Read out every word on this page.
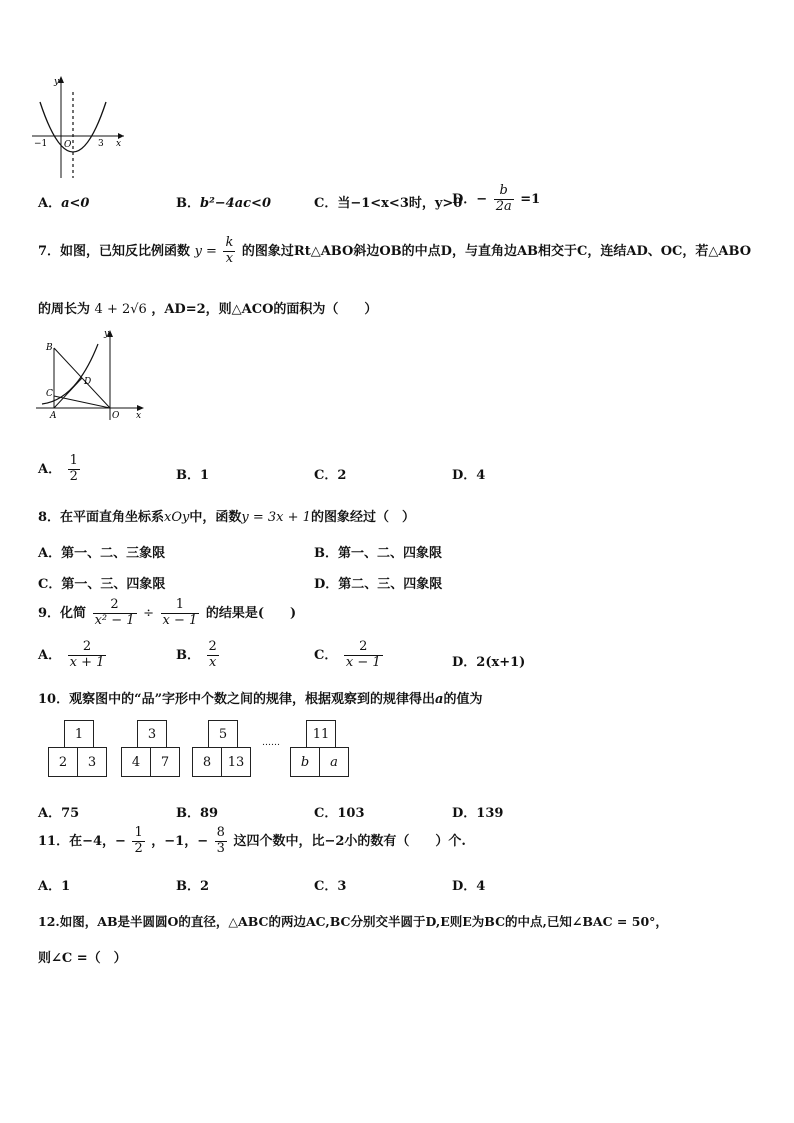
y
x
−1 O	3
A．a<0	B．b²−4ac<0	C．当−1<x<3时，y>0
D．− $\frac{b}{2a} =1$
7．如图，已知反比例函数 $y = \frac{k}{x}$ 的图象过Rt△ABO斜边OB的中点D，与直角边AB相交于C，连结AD、OC，若△ABO
的周长为 4 + 2√6 ，AD=2，则△ACO的面积为（　　）
B
C
D
A	O x
y
A． $\frac{1}{2}$	B．1	C．2	D．4
8．在平面直角坐标系xOy中，函数y = 3x + 1的图象经过（　）
A．第一、二、三象限	B．第一、二、四象限
C．第一、三、四象限	D．第二、三、四象限
9．化简 $\frac{2}{\text{x² − 1}} \div \frac{1}{x - 1}$ 的结果是(　　)
A． $\frac{2}{x + 1}$	B． $\frac{2}{x}$	C． $\frac{2}{x - 1}$	D．2(x+1)
10．观察图中的“品”字形中个数之间的规律，根据观察到的规律得出a的值为
1
2	3
3
4	7
5
8	13
……
11
b	a
A．75	B．89	C．103	D．139
11．在−4，− $\frac{1}{2}$ ，−1，− $\frac{8}{3}$ 这四个数中，比−2小的数有（　　）个.
A．1	B．2	C．3	D．4
12.如图，AB是半圆圆O的直径，△ABC的两边AC,BC分别交半圆于D,E则E为BC的中点,已知∠BAC = 50°，
则∠C =（　）
